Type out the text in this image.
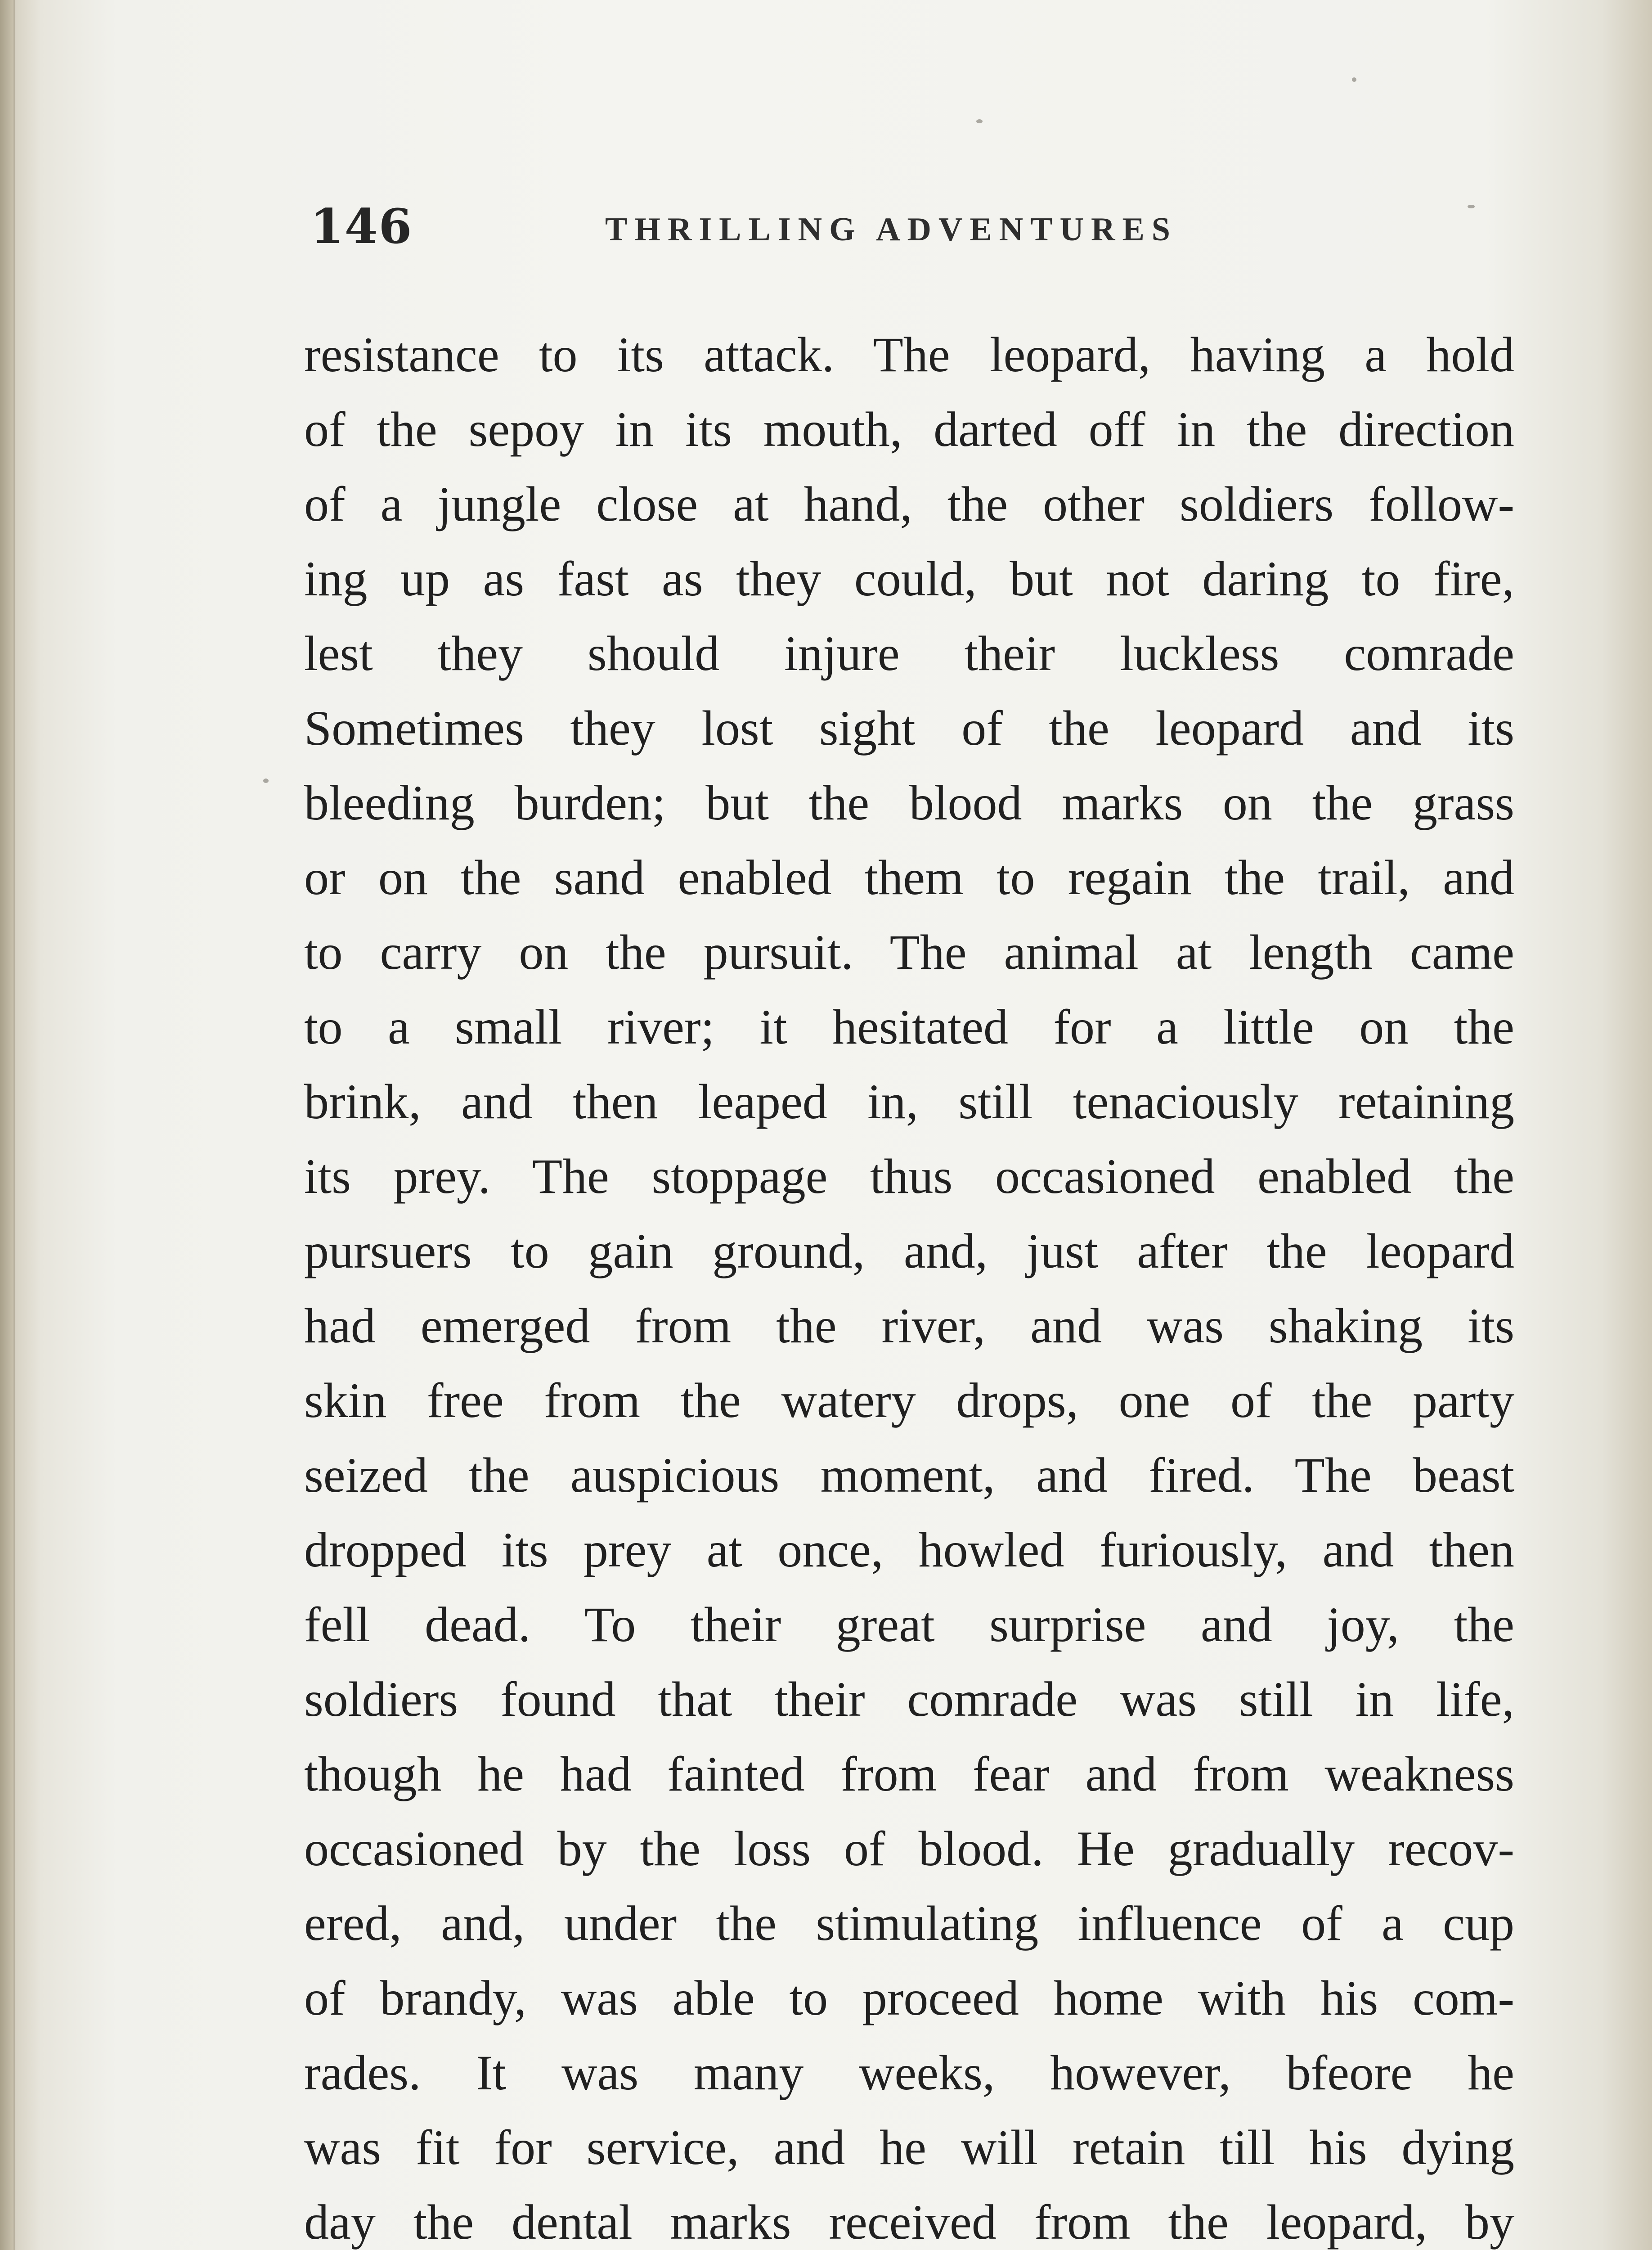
146	THRILLING ADVENTURES
resistance to its attack. The leopard, having a hold
of the sepoy in its mouth, darted off in the direction
of a jungle close at hand, the other soldiers follow-
ing up as fast as they could, but not daring to fire,
lest they should injure their luckless comrade
Sometimes they lost sight of the leopard and its
bleeding burden; but the blood marks on the grass
or on the sand enabled them to regain the trail, and
to carry on the pursuit. The animal at length came
to a small river; it hesitated for a little on the
brink, and then leaped in, still tenaciously retaining
its prey. The stoppage thus occasioned enabled the
pursuers to gain ground, and, just after the leopard
had emerged from the river, and was shaking its
skin free from the watery drops, one of the party
seized the auspicious moment, and fired. The beast
dropped its prey at once, howled furiously, and then
fell dead. To their great surprise and joy, the
soldiers found that their comrade was still in life,
though he had fainted from fear and from weakness
occasioned by the loss of blood. He gradually recov-
ered, and, under the stimulating influence of a cup
of brandy, was able to proceed home with his com-
rades. It was many weeks, however, bfeore he
was fit for service, and he will retain till his dying
day the dental marks received from the leopard, by
